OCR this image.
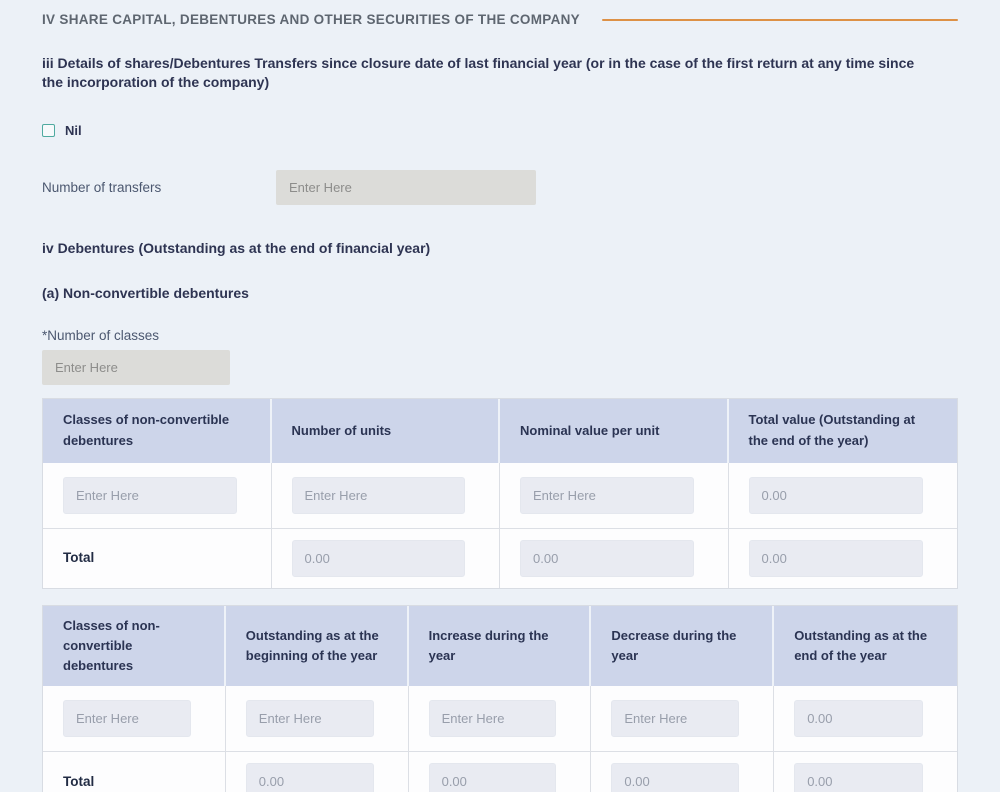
IV SHARE CAPITAL, DEBENTURES AND OTHER SECURITIES OF THE COMPANY

iii Details of shares/Debentures Transfers since closure date of last financial year (or in the case of the first return at any time since the incorporation of the company)

Nil
Number of transfers
Enter Here

iv Debentures (Outstanding as at the end of financial year)

(a) Non-convertible debentures

*Number of classes

Enter Here
Classes of non-convertible debentures	Number of units	Nominal value per unit	Total value (Outstanding at the end of the year)
Enter Here	Enter Here	Enter Here	0.00
Total	0.00	0.00	0.00
Classes of non-convertible debentures	Outstanding as at the beginning of the year	Increase during the year	Decrease during the year	Outstanding as at the end of the year
Enter Here	Enter Here	Enter Here	Enter Here	0.00
Total	0.00	0.00	0.00	0.00
